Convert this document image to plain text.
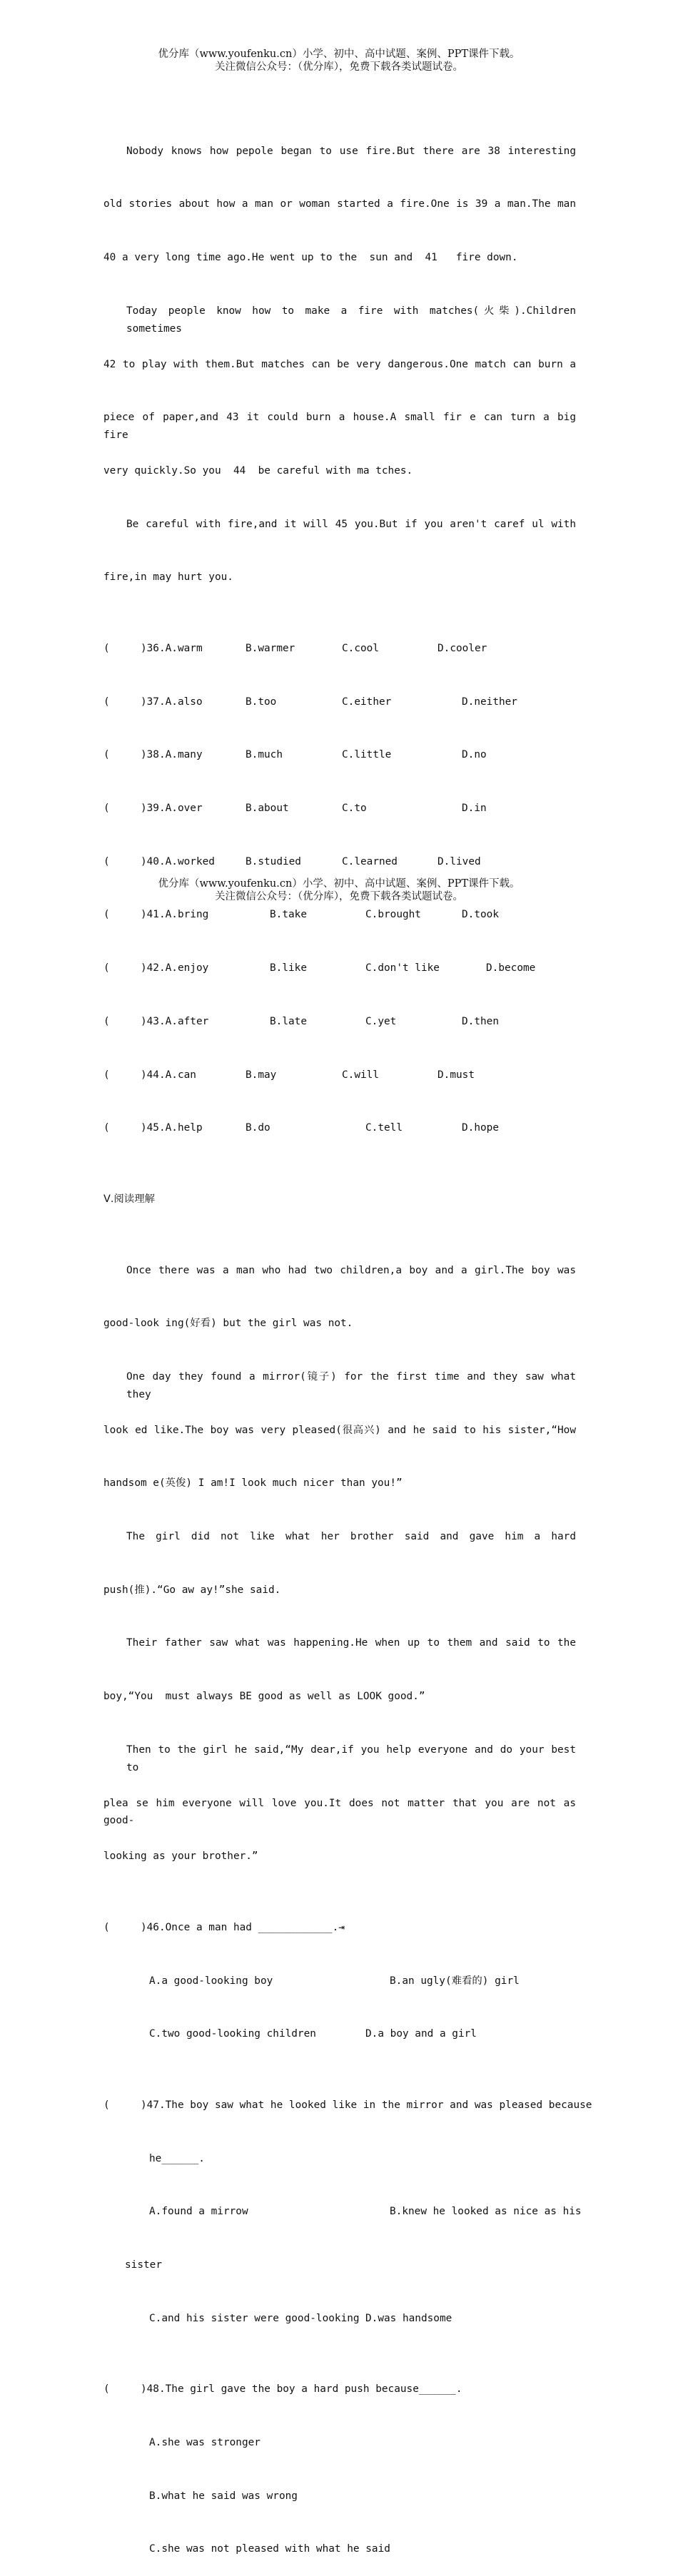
优分库（www.youfenku.cn）小学、初中、高中试题、案例、PPT课件下载。
关注微信公众号：（优分库），免费下载各类试题试卷。

Nobody knows how pepole began to use fire.But there are 38 interesting

old stories about how a man or woman started a fire.One is 39 a man.The man

40 a very long time ago.He went up to the  sun and  41   fire down.

Today people know how to make a fire with matches(火柴).Children sometimes

42 to play with them.But matches can be very dangerous.One match can burn a

piece of paper,and 43 it could burn a house.A small fir e can turn a big fire

very quickly.So you  44  be careful with ma tches.

Be careful with fire,and it will 45 you.But if you aren't caref ul with

fire,in may hurt you.

(     )36.A.warm

	B.warmer

	C.cool

	D.cooler

(     )37.A.also

	B.too

	C.either

	D.neither

(     )38.A.many

	B.much

	C.little

	D.no

(     )39.A.over

	B.about

	C.to

	D.in

(     )40.A.worked

	B.studied

	C.learned

	D.lived

(     )41.A.bring

	B.take

	C.brought

	D.took

(     )42.A.enjoy

	B.like

	C.don't like

	D.become

(     )43.A.after

	B.late

	C.yet

	D.then

(     )44.A.can

	B.may

	C.will

	D.must

(     )45.A.help

	B.do

	C.tell

	D.hope

Ⅴ.阅读理解

Once there was a man who had two children,a boy and a girl.The boy was

good-look ing(好看) but the girl was not.

One day they found a mirror(镜子) for the first time and they saw what they

look ed like.The boy was very pleased(很高兴) and he said to his sister,“How

handsom e(英俊) I am!I look much nicer than you!”

The girl did not like what her brother said and gave him a hard

push(推).“Go aw ay!”she said.

Their father saw what was happening.He when up to them and said to the

boy,“You  must always BE good as well as LOOK good.”

Then to the girl he said,“My dear,if you help everyone and do your best to

plea se him everyone will love you.It does not matter that you are not as good-

looking as your brother.”

(     )46.Once a man had ____________.⇥

A.a good-looking boy

	B.an ugly(难看的) girl

C.two good-looking children

	D.a boy and a girl

(     )47.The boy saw what he looked like in the mirror and was pleased because

he______.

A.found a mirrow

	B.knew he looked as nice as his

sister

C.and his sister were good-looking

D.was handsome

(     )48.The girl gave the boy a hard push because______.

A.she was stronger

B.what he said was wrong

C.she was not pleased with what he said

优分库（www.youfenku.cn）小学、初中、高中试题、案例、PPT课件下载。
关注微信公众号：（优分库），免费下载各类试题试卷。
